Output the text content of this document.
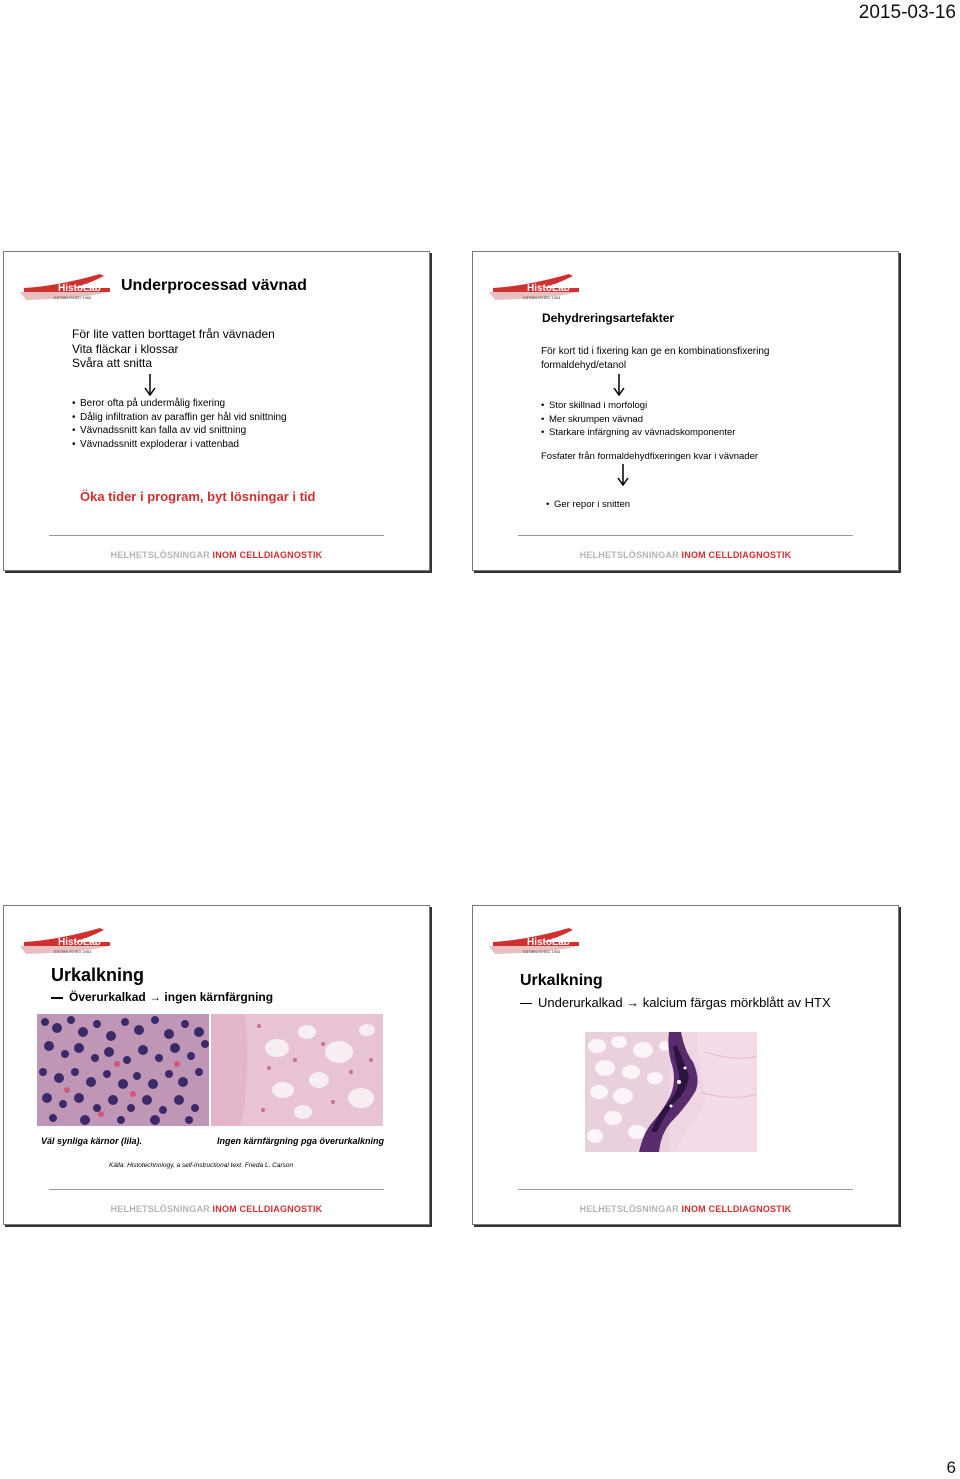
2015-03-16
HistoLab
ESTABLISHED 1963
Underprocessad vävnad
För lite vatten borttaget från vävnaden
Vita fläckar i klossar
Svåra att snitta
• Beror ofta på undermålig fixering
• Dålig infiltration av paraffin ger hål vid snittning
• Vävnadssnitt kan falla av vid snittning
• Vävnadssnitt exploderar i vattenbad
Öka tider i program, byt lösningar i tid
HELHETSLÖSNINGAR INOM CELLDIAGNOSTIK
HistoLab
ESTABLISHED 1963
Dehydreringsartefakter
För kort tid i fixering kan ge en kombinationsfixering
formaldehyd/etanol
• Stor skillnad i morfologi
• Mer skrumpen vävnad
• Starkare infärgning av vävnadskomponenter
Fosfater från formaldehydfixeringen kvar i vävnader
• Ger repor i snitten
HELHETSLÖSNINGAR INOM CELLDIAGNOSTIK
HistoLab
ESTABLISHED 1963
Urkalkning
Överurkalkad → ingen kärnfärgning
Väl synliga kärnor (lila).	Ingen kärnfärgning pga överurkalkning
Källa: Histotechnology, a self-instructional text. Frieda L. Carson
HELHETSLÖSNINGAR INOM CELLDIAGNOSTIK
HistoLab
ESTABLISHED 1963
Urkalkning
Underurkalkad → kalcium färgas mörkblått av HTX
HELHETSLÖSNINGAR INOM CELLDIAGNOSTIK
6
